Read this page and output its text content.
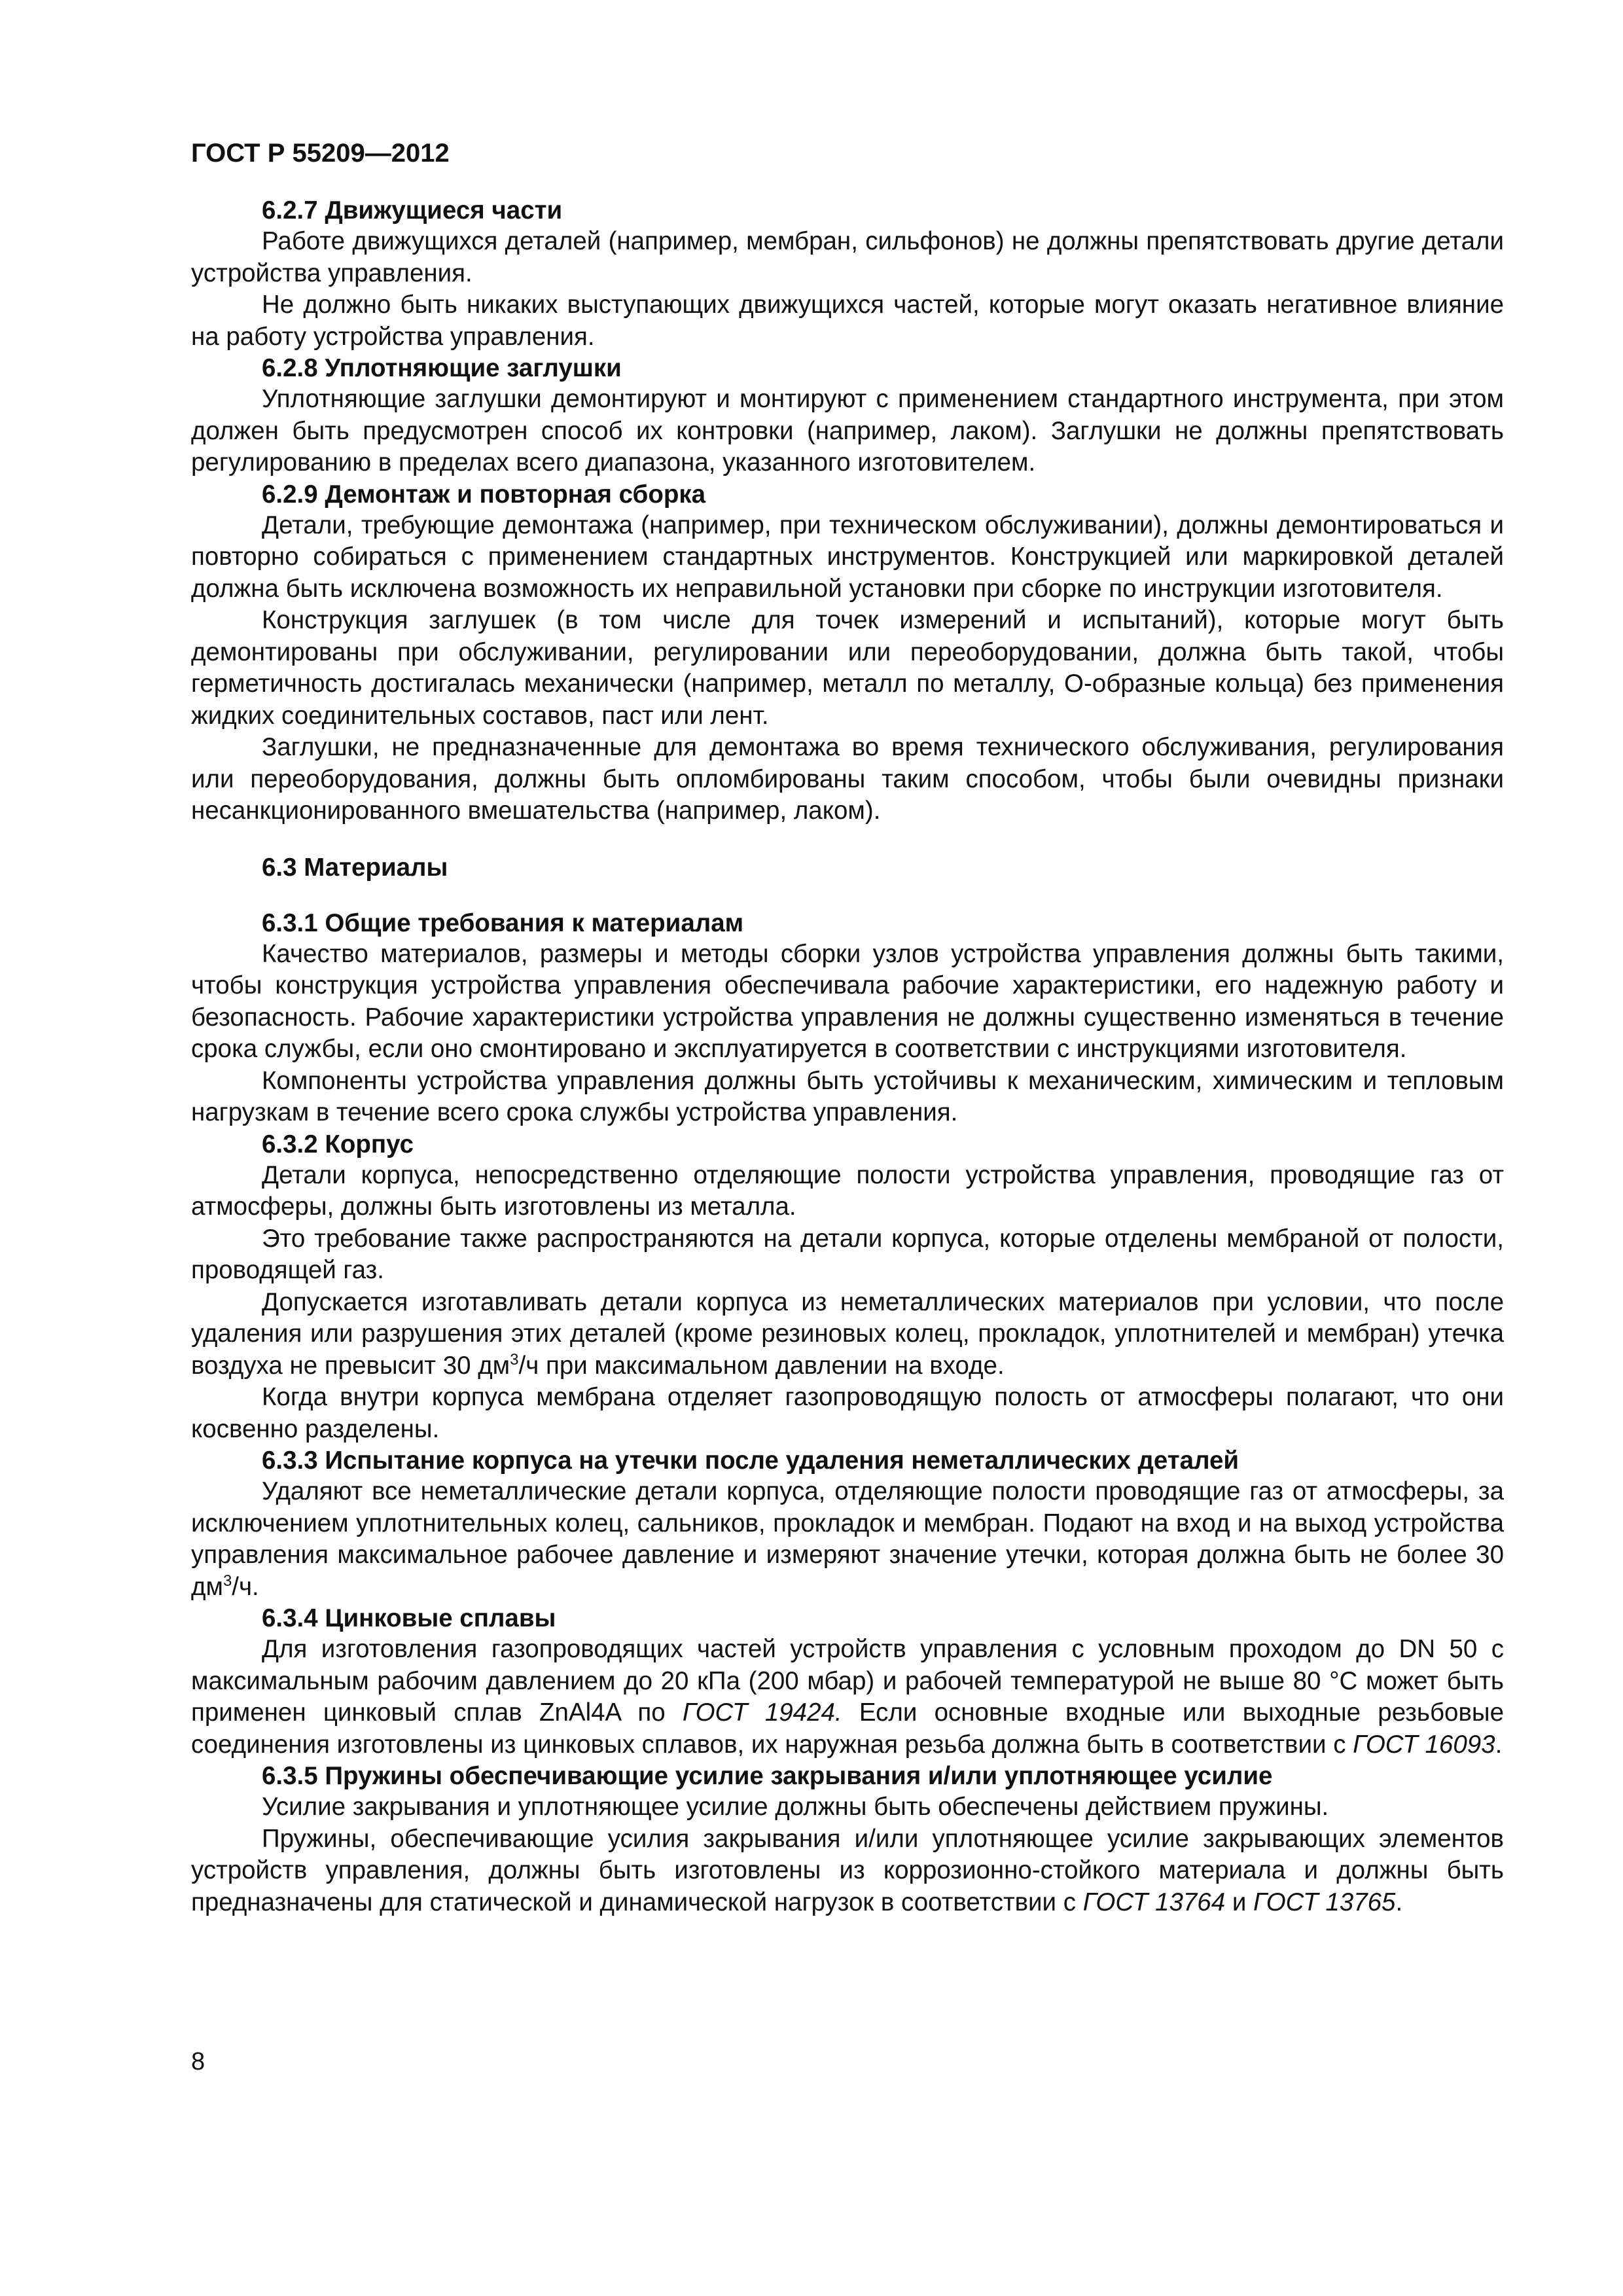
ГОСТ Р 55209—2012
6.2.7 Движущиеся части
Работе движущихся деталей (например, мембран, сильфонов) не должны препятствовать другие детали устройства управления.
Не должно быть никаких выступающих движущихся частей, которые могут оказать негативное влияние на работу устройства управления.
6.2.8 Уплотняющие заглушки
Уплотняющие заглушки демонтируют и монтируют с применением стандартного инструмента, при этом должен быть предусмотрен способ их контровки (например, лаком). Заглушки не должны препятствовать регулированию в пределах всего диапазона, указанного изготовителем.
6.2.9 Демонтаж и повторная сборка
Детали, требующие демонтажа (например, при техническом обслуживании), должны демонтироваться и повторно собираться с применением стандартных инструментов. Конструкцией или маркировкой деталей должна быть исключена возможность их неправильной установки при сборке по инструкции изготовителя.
Конструкция заглушек (в том числе для точек измерений и испытаний), которые могут быть демонтированы при обслуживании, регулировании или переоборудовании, должна быть такой, чтобы герметичность достигалась механически (например, металл по металлу, О-образные кольца) без применения жидких соединительных составов, паст или лент.
Заглушки, не предназначенные для демонтажа во время технического обслуживания, регулирования или переоборудования, должны быть опломбированы таким способом, чтобы были очевидны признаки несанкционированного вмешательства (например, лаком).
6.3 Материалы
6.3.1 Общие требования к материалам
Качество материалов, размеры и методы сборки узлов устройства управления должны быть такими, чтобы конструкция устройства управления обеспечивала рабочие характеристики, его надежную работу и безопасность. Рабочие характеристики устройства управления не должны существенно изменяться в течение срока службы, если оно смонтировано и эксплуатируется в соответствии с инструкциями изготовителя.
Компоненты устройства управления должны быть устойчивы к механическим, химическим и тепловым нагрузкам в течение всего срока службы устройства управления.
6.3.2 Корпус
Детали корпуса, непосредственно отделяющие полости устройства управления, проводящие газ от атмосферы, должны быть изготовлены из металла.
Это требование также распространяются на детали корпуса, которые отделены мембраной от полости, проводящей газ.
Допускается изготавливать детали корпуса из неметаллических материалов при условии, что после удаления или разрушения этих деталей (кроме резиновых колец, прокладок, уплотнителей и мембран) утечка воздуха не превысит 30 $дм^3/ч$ при максимальном давлении на входе.
Когда внутри корпуса мембрана отделяет газопроводящую полость от атмосферы полагают, что они косвенно разделены.
6.3.3 Испытание корпуса на утечки после удаления неметаллических деталей
Удаляют все неметаллические детали корпуса, отделяющие полости проводящие газ от атмосферы, за исключением уплотнительных колец, сальников, прокладок и мембран. Подают на вход и на выход устройства управления максимальное рабочее давление и измеряют значение утечки, которая должна быть не более 30 $дм^3/ч$.
6.3.4 Цинковые сплавы
Для изготовления газопроводящих частей устройств управления с условным проходом до DN 50 с максимальным рабочим давлением до 20 кПа (200 мбар) и рабочей температурой не выше 80 °С может быть применен цинковый сплав ZnAl4A по ГОСТ 19424. Если основные входные или выходные резьбовые соединения изготовлены из цинковых сплавов, их наружная резьба должна быть в соответствии с ГОСТ 16093.
6.3.5 Пружины обеспечивающие усилие закрывания и/или уплотняющее усилие
Усилие закрывания и уплотняющее усилие должны быть обеспечены действием пружины.
Пружины, обеспечивающие усилия закрывания и/или уплотняющее усилие закрывающих элементов устройств управления, должны быть изготовлены из коррозионно-стойкого материала и должны быть предназначены для статической и динамической нагрузок в соответствии с ГОСТ 13764 и ГОСТ 13765.
8
